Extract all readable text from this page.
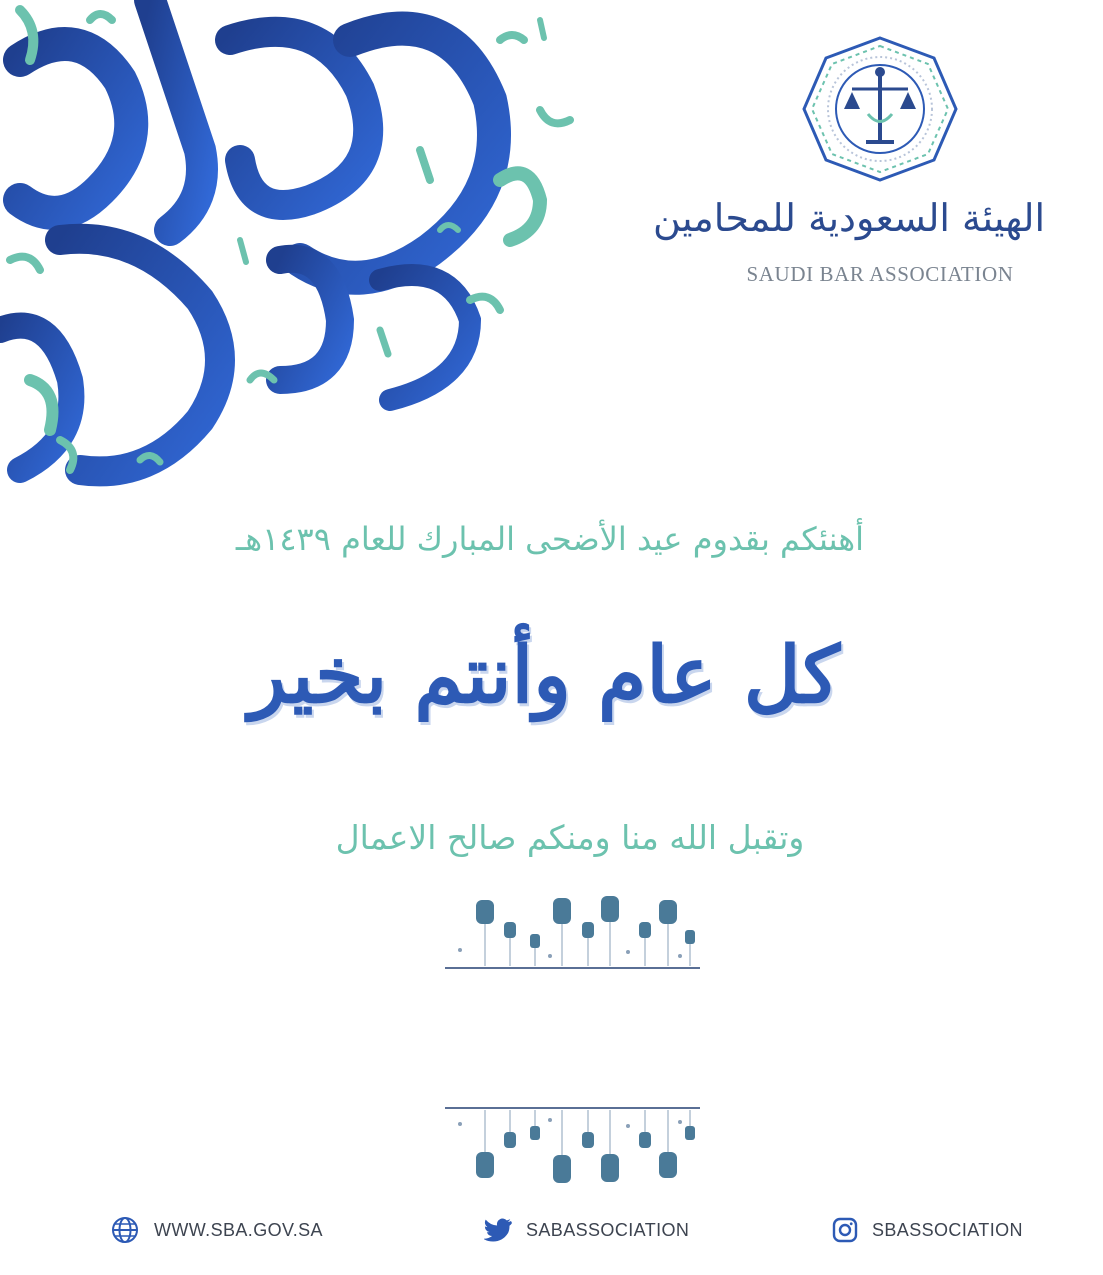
الهيئة السعودية للمحامين
SAUDI BAR ASSOCIATION
أهنئكم بقدوم عيد الأضحى المبارك للعام ١٤٣٩هـ
كل عام وأنتم بخير
وتقبل الله منا ومنكم صالح الاعمال
WWW.SBA.GOV.SA	SABASSOCIATION	SBASSOCIATION
